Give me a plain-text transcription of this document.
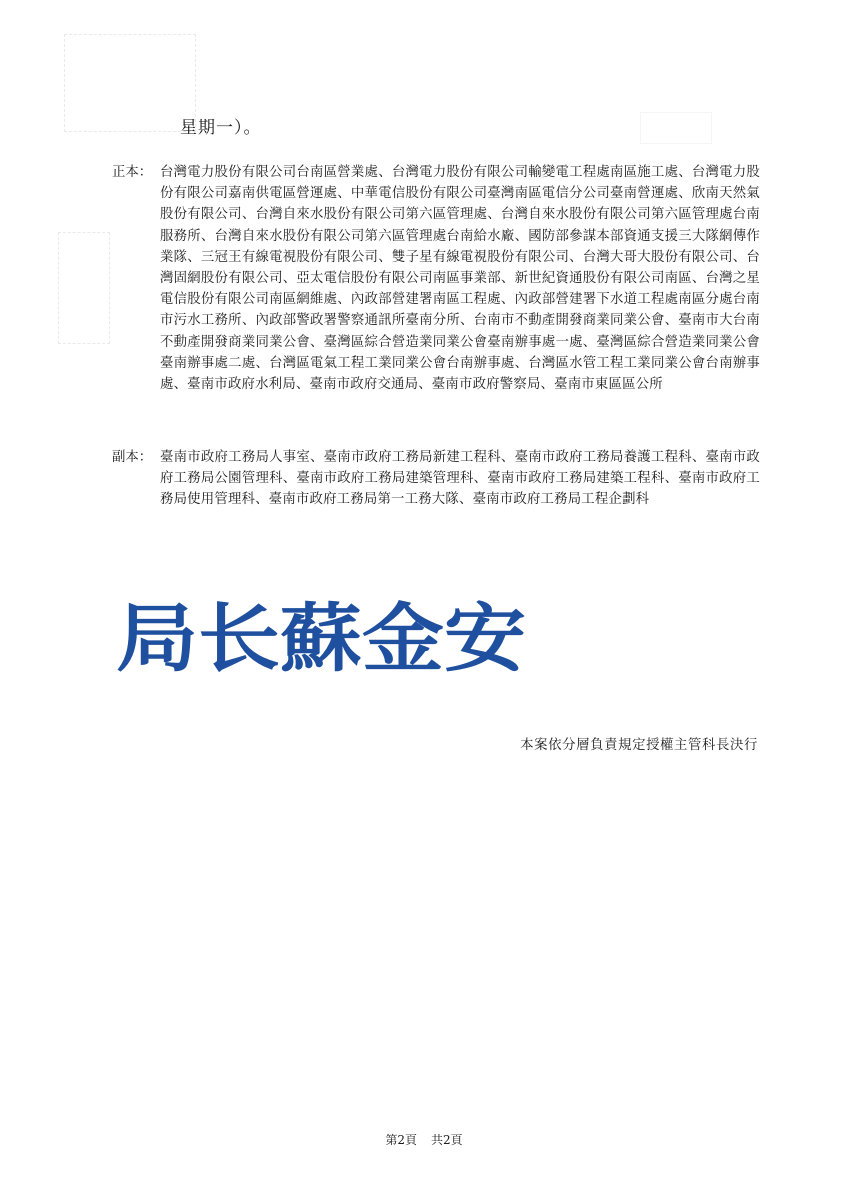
星期一）。
正本： 台灣電力股份有限公司台南區營業處、台灣電力股份有限公司輸變電工程處南區施工處、台灣電力股份有限公司嘉南供電區營運處、中華電信股份有限公司臺灣南區電信分公司臺南營運處、欣南天然氣股份有限公司、台灣自來水股份有限公司第六區管理處、台灣自來水股份有限公司第六區管理處台南服務所、台灣自來水股份有限公司第六區管理處台南給水廠、國防部參謀本部資通支援三大隊網傳作業隊、三冠王有線電視股份有限公司、雙子星有線電視股份有限公司、台灣大哥大股份有限公司、台灣固網股份有限公司、亞太電信股份有限公司南區事業部、新世紀資通股份有限公司南區、台灣之星電信股份有限公司南區網維處、內政部營建署南區工程處、內政部營建署下水道工程處南區分處台南市污水工務所、內政部警政署警察通訊所臺南分所、台南市不動產開發商業同業公會、臺南市大台南不動產開發商業同業公會、臺灣區綜合營造業同業公會臺南辦事處一處、臺灣區綜合營造業同業公會臺南辦事處二處、台灣區電氣工程工業同業公會台南辦事處、台灣區水管工程工業同業公會台南辦事處、臺南市政府水利局、臺南市政府交通局、臺南市政府警察局、臺南市東區區公所
副本： 臺南市政府工務局人事室、臺南市政府工務局新建工程科、臺南市政府工務局養護工程科、臺南市政府工務局公園管理科、臺南市政府工務局建築管理科、臺南市政府工務局建築工程科、臺南市政府工務局使用管理科、臺南市政府工務局第一工務大隊、臺南市政府工務局工程企劃科
局长蘇金安
本案依分層負責規定授權主管科長決行
第2頁 共2頁
